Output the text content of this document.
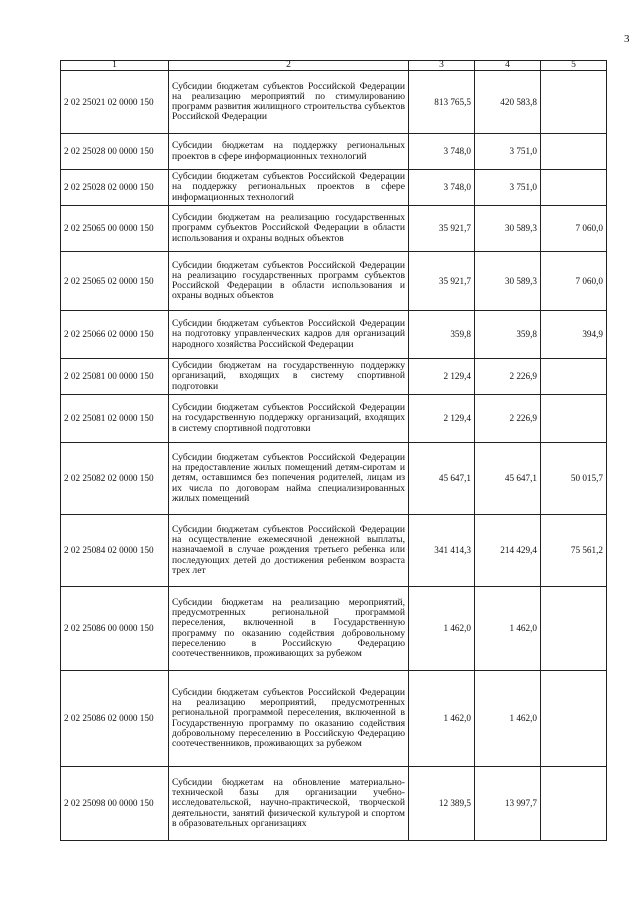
3
1	2	3	4	5
2 02 25021 02 0000 150	Субсидии бюджетам субъектов Российской Федерации на реализацию мероприятий по стимулированию программ развития жилищного строительства субъектов Российской Федерации	813 765,5	420 583,8	
2 02 25028 00 0000 150	Субсидии бюджетам на поддержку региональных проектов в сфере информационных технологий	3 748,0	3 751,0	
2 02 25028 02 0000 150	Субсидии бюджетам субъектов Российской Федерации на поддержку региональных проектов в сфере информационных технологий	3 748,0	3 751,0	
2 02 25065 00 0000 150	Субсидии бюджетам на реализацию государственных программ субъектов Российской Федерации в области использования и охраны водных объектов	35 921,7	30 589,3	7 060,0
2 02 25065 02 0000 150	Субсидии бюджетам субъектов Российской Федерации на реализацию государственных программ субъектов Российской Федерации в области использования и охраны водных объектов	35 921,7	30 589,3	7 060,0
2 02 25066 02 0000 150	Субсидии бюджетам субъектов Российской Федерации на подготовку управленческих кадров для организаций народного хозяйства Российской Федерации	359,8	359,8	394,9
2 02 25081 00 0000 150	Субсидии бюджетам на государственную поддержку организаций, входящих в систему спортивной подготовки	2 129,4	2 226,9	
2 02 25081 02 0000 150	Субсидии бюджетам субъектов Российской Федерации на государственную поддержку организаций, входящих в систему спортивной подготовки	2 129,4	2 226,9	
2 02 25082 02 0000 150	Субсидии бюджетам субъектов Российской Федерации на предоставление жилых помещений детям-сиротам и детям, оставшимся без попечения родителей, лицам из их числа по договорам найма специализированных жилых помещений	45 647,1	45 647,1	50 015,7
2 02 25084 02 0000 150	Субсидии бюджетам субъектов Российской Федерации на осуществление ежемесячной денежной выплаты, назначаемой в случае рождения третьего ребенка или последующих детей до достижения ребенком возраста трех лет	341 414,3	214 429,4	75 561,2
2 02 25086 00 0000 150	Субсидии бюджетам на реализацию мероприятий, предусмотренных региональной программой переселения, включенной в Государственную программу по оказанию содействия добровольному переселению в Российскую Федерацию соотечественников, проживающих за рубежом	1 462,0	1 462,0	
2 02 25086 02 0000 150	Субсидии бюджетам субъектов Российской Федерации на реализацию мероприятий, предусмотренных региональной программой переселения, включенной в Государственную программу по оказанию содействия добровольному переселению в Российскую Федерацию соотечественников, проживающих за рубежом	1 462,0	1 462,0	
2 02 25098 00 0000 150	Субсидии бюджетам на обновление материально-технической базы для организации учебно-исследовательской, научно-практической, творческой деятельности, занятий физической культурой и спортом в образовательных организациях	12 389,5	13 997,7	
